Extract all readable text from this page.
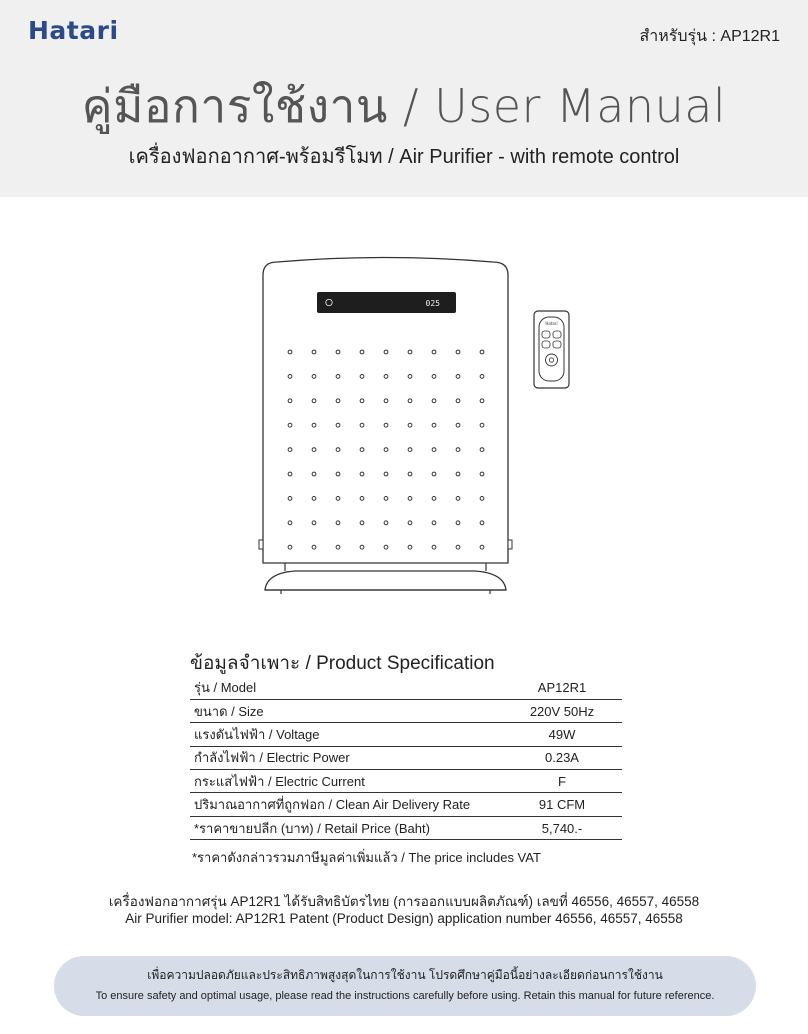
Hatari	สำหรับรุ่น : AP12R1
คู่มือการใช้งาน / User Manual
เครื่องฟอกอากาศ-พร้อมรีโมท / Air Purifier - with remote control
025
Hatari
ข้อมูลจำเพาะ / Product Specification
รุ่น / Model	AP12R1
ขนาด / Size	220V 50Hz
แรงดันไฟฟ้า / Voltage	49W
กำลังไฟฟ้า / Electric Power	0.23A
กระแสไฟฟ้า / Electric Current	F
ปริมาณอากาศที่ถูกฟอก / Clean Air Delivery Rate	91 CFM
*ราคาขายปลีก (บาท) / Retail Price (Baht)	5,740.-
*ราคาดังกล่าวรวมภาษีมูลค่าเพิ่มแล้ว / The price includes VAT
เครื่องฟอกอากาศรุ่น AP12R1 ได้รับสิทธิบัตรไทย (การออกแบบผลิตภัณฑ์) เลขที่ 46556, 46557, 46558
Air Purifier model: AP12R1 Patent (Product Design) application number 46556, 46557, 46558
เพื่อความปลอดภัยและประสิทธิภาพสูงสุดในการใช้งาน โปรดศึกษาคู่มือนี้อย่างละเอียดก่อนการใช้งาน
To ensure safety and optimal usage, please read the instructions carefully before using. Retain this manual for future reference.
